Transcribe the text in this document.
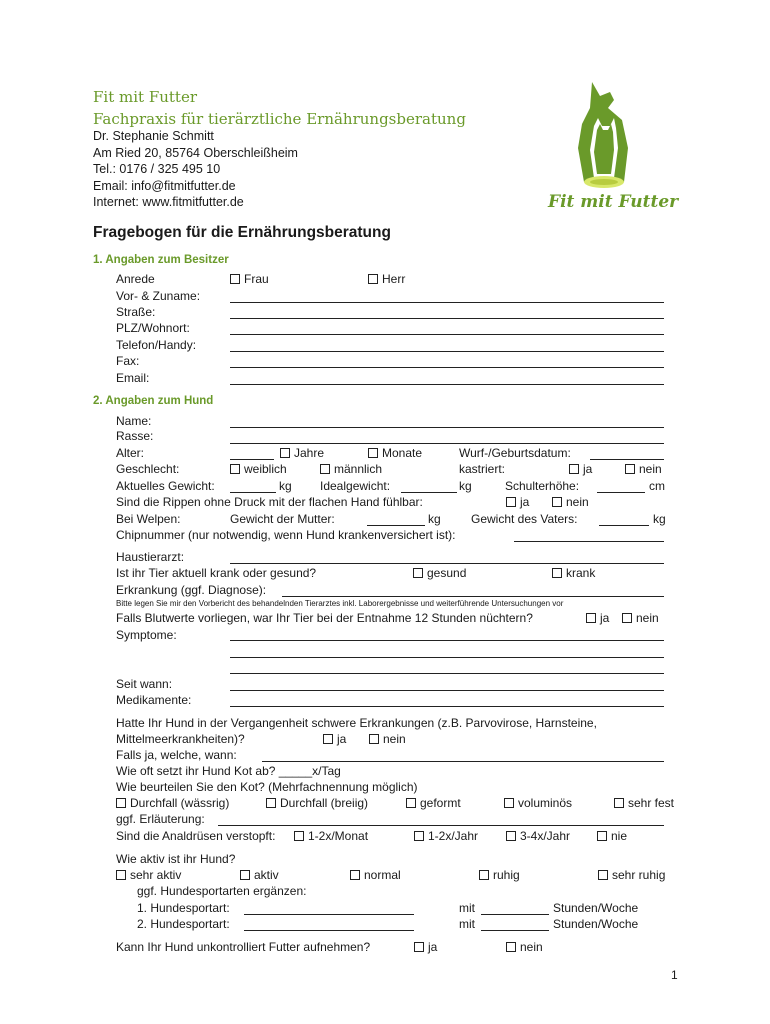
Fit mit Futter
Fachpraxis für tierärztliche Ernährungsberatung
Dr. Stephanie Schmitt
Am Ried 20, 85764 Oberschleißheim
Tel.: 0176 / 325 495 10
Email: info@fitmitfutter.de
Internet: www.fitmitfutter.de	Fit mit Futter
Fragebogen für die Ernährungsberatung
1. Angaben zum Besitzer
Anrede	Frau	Herr
Vor- & Zuname:
Straße:
PLZ/Wohnort:
Telefon/Handy:
Fax:
Email:
2. Angaben zum Hund
Name:
Rasse:
Alter:	Jahre	Monate	Wurf-/Geburtsdatum:
Geschlecht:	weiblich	männlich	kastriert:	ja	nein
Aktuelles Gewicht:	kg Idealgewicht:	kg	Schulterhöhe:	cm
Sind die Rippen ohne Druck mit der flachen Hand fühlbar:	ja	nein
Bei Welpen:	Gewicht der Mutter:	kg	Gewicht des Vaters:	kg
Chipnummer (nur notwendig, wenn Hund krankenversichert ist):
Haustierarzt:
Ist ihr Tier aktuell krank oder gesund?	gesund	krank
Erkrankung (ggf. Diagnose):
Bitte legen Sie mir den Vorbericht des behandelnden Tierarztes inkl. Laborergebnisse und weiterführende Untersuchungen vor
Falls Blutwerte vorliegen, war Ihr Tier bei der Entnahme 12 Stunden nüchtern?	ja	nein
Symptome:
Seit wann:
Medikamente:
Hatte Ihr Hund in der Vergangenheit schwere Erkrankungen (z.B. Parvovirose, Harnsteine,
Mittelmeerkrankheiten)?	ja	nein
Falls ja, welche, wann:
Wie oft setzt ihr Hund Kot ab? _____x/Tag
Wie beurteilen Sie den Kot? (Mehrfachnennung möglich)
Durchfall (wässrig)	Durchfall (breiig)	geformt	voluminös	sehr fest
ggf. Erläuterung:
Sind die Analdrüsen verstopft:	1-2x/Monat	1-2x/Jahr	3-4x/Jahr	nie
Wie aktiv ist ihr Hund?
sehr aktiv	aktiv	normal	ruhig	sehr ruhig
ggf. Hundesportarten ergänzen:
1. Hundesportart:	mit	Stunden/Woche
2. Hundesportart:	mit	Stunden/Woche
Kann Ihr Hund unkontrolliert Futter aufnehmen?	ja	nein
1
